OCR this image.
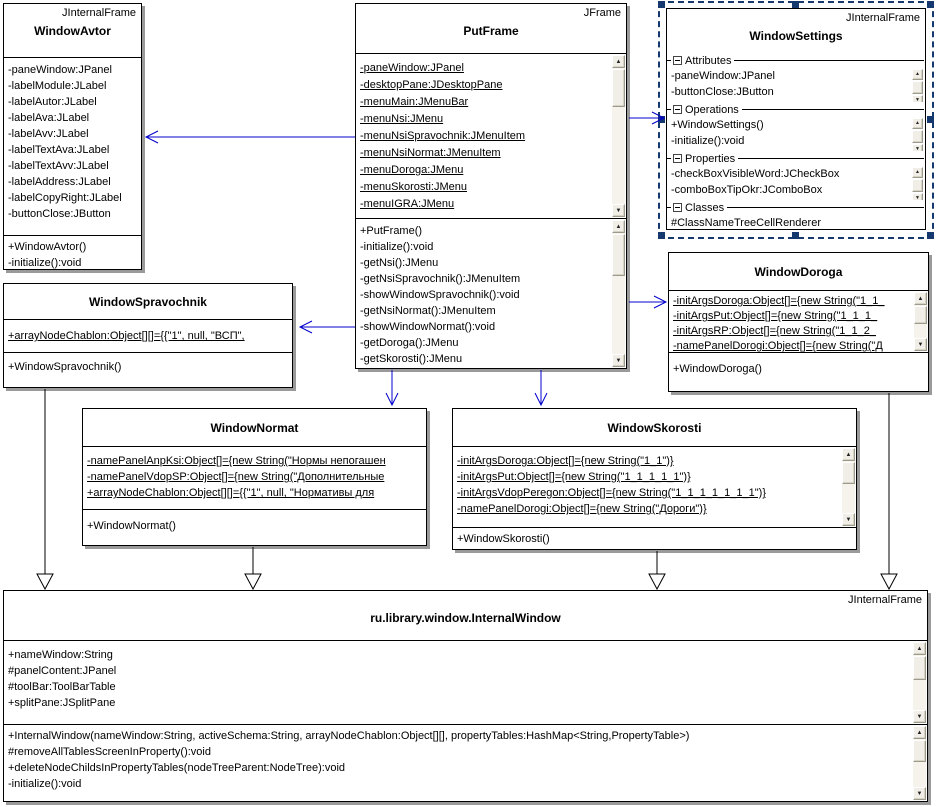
JInternalFrame
WindowAvtor
-paneWindow:JPanel
-labelModule:JLabel
-labelAutor:JLabel
-labelAva:JLabel
-labelAvv:JLabel
-labelTextAva:JLabel
-labelTextAvv:JLabel
-labelAddress:JLabel
-labelCopyRight:JLabel
-buttonClose:JButton
+WindowAvtor()
-initialize():void
JFrame
PutFrame
-paneWindow:JPanel
-desktopPane:JDesktopPane
-menuMain:JMenuBar
-menuNsi:JMenu
-menuNsiSpravochnik:JMenuItem
-menuNsiNormat:JMenuItem
-menuDoroga:JMenu
-menuSkorosti:JMenu
-menuIGRA:JMenu
▲
▼
+PutFrame()
-initialize():void
-getNsi():JMenu
-getNsiSpravochnik():JMenuItem
-showWindowSpravochnik():void
-getNsiNormat():JMenuItem
-showWindowNormat():void
-getDoroga():JMenu
-getSkorosti():JMenu
▲
▼
JInternalFrame
WindowSettings
Attributes
-paneWindow:JPanel
-buttonClose:JButton
▲
▼
Operations
+WindowSettings()
-initialize():void
▲
▼
Properties
-checkBoxVisibleWord:JCheckBox
-comboBoxTipOkr:JComboBox
▲
▼
Classes
#ClassNameTreeCellRenderer
WindowSpravochnik
+arrayNodeChablon:Object[][]={{"1", null, "ВСП",
+WindowSpravochnik()
WindowDoroga
-initArgsDoroga:Object[]={new String("1_1_
-initArgsPut:Object[]={new String("1_1_1_
-initArgsRP:Object[]={new String("1_1_2_
-namePanelDorogi:Object[]={new String("Д
▲
▼
+WindowDoroga()
WindowNormat
-namePanelAnpKsi:Object[]={new String("Нормы непогашен
-namePanelVdopSP:Object[]={new String("Дополнительные
+arrayNodeChablon:Object[][]={{"1", null, "Нормативы для
+WindowNormat()
WindowSkorosti
-initArgsDoroga:Object[]={new String("1_1")}
-initArgsPut:Object[]={new String("1_1_1_1_1")}
-initArgsVdopPeregon:Object[]={new String("1_1_1_1_1_1_1")}
-namePanelDorogi:Object[]={new String("Дороги")}
▲
▼
+WindowSkorosti()
JInternalFrame
ru.library.window.InternalWindow
+nameWindow:String
#panelContent:JPanel
#toolBar:ToolBarTable
+splitPane:JSplitPane
▲
▼
+InternalWindow(nameWindow:String, activeSchema:String, arrayNodeChablon:Object[][], propertyTables:HashMap<String,PropertyTable>)
#removeAllTablesScreenInProperty():void
+deleteNodeChildsInPropertyTables(nodeTreeParent:NodeTree):void
-initialize():void
▲
▼
